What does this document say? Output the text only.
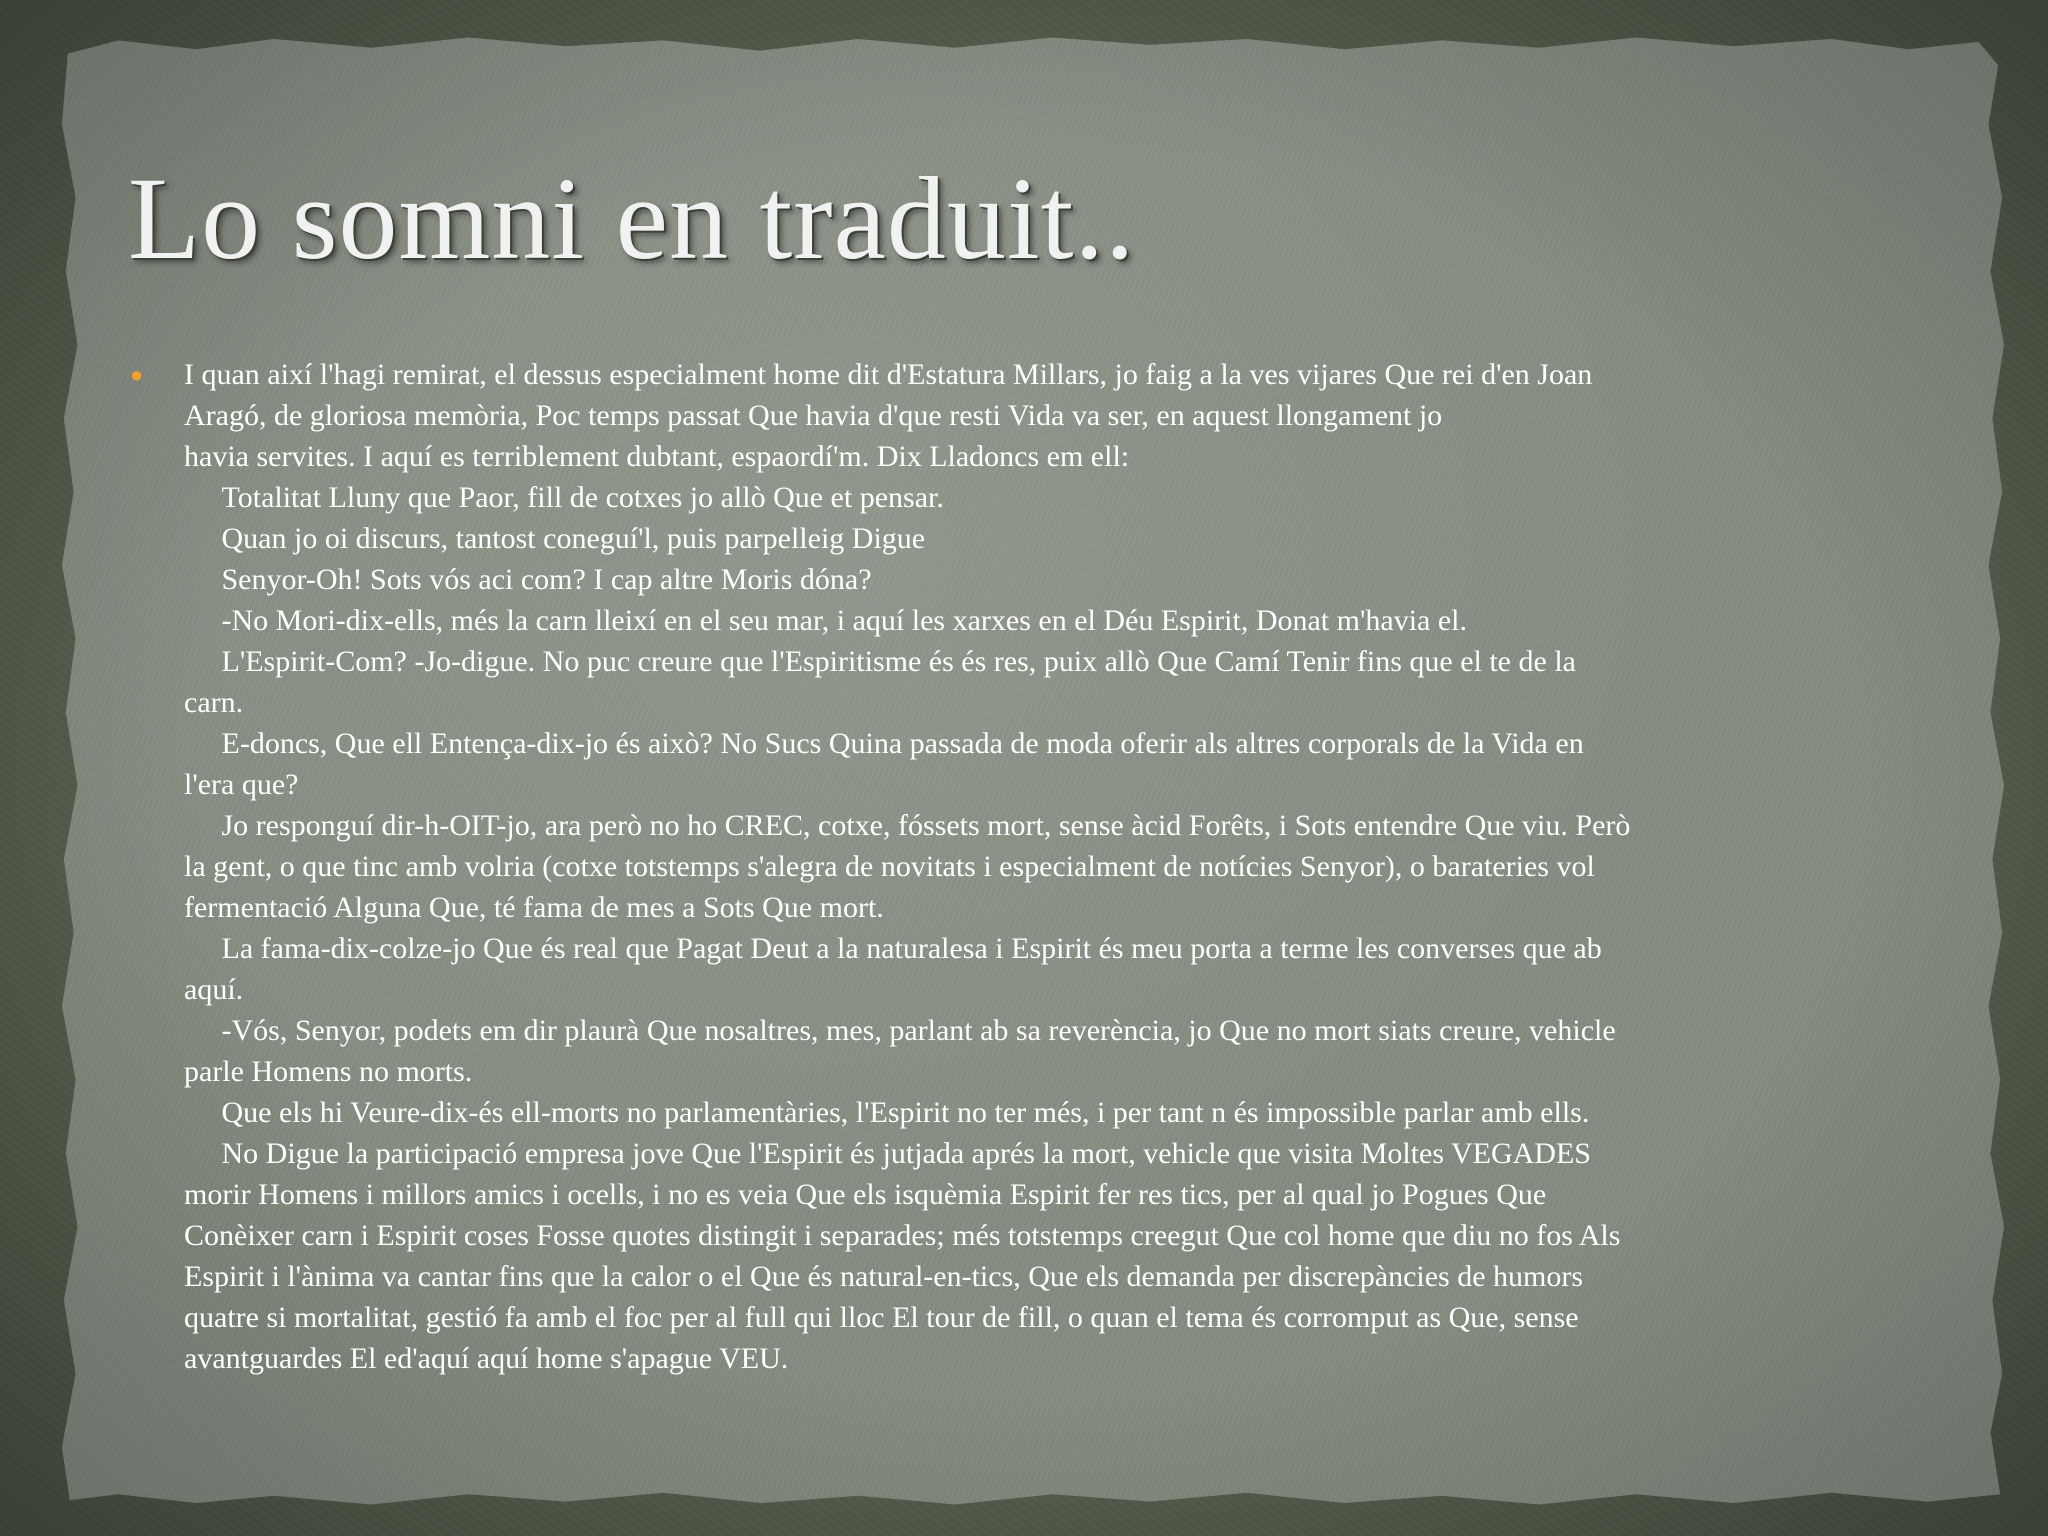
Lo somni en traduit..
● I quan així l'hagi remirat, el dessus especialment home dit d'Estatura Millars, jo faig a la ves vijares Que rei d'en Joan
Aragó, de gloriosa memòria, Poc temps passat Que havia d'que resti Vida va ser, en aquest llongament jo
havia servites. I aquí es terriblement dubtant, espaordí'm. Dix Lladoncs em ell:
Totalitat Lluny que Paor, fill de cotxes jo allò Que et pensar.
Quan jo oi discurs, tantost coneguí'l, puis parpelleig Digue
Senyor-Oh! Sots vós aci com? I cap altre Moris dóna?
-No Mori-dix-ells, més la carn lleixí en el seu mar, i aquí les xarxes en el Déu Espirit, Donat m'havia el.
L'Espirit-Com? -Jo-digue. No puc creure que l'Espiritisme és és res, puix allò Que Camí Tenir fins que el te de la
carn.
E-doncs, Que ell Entença-dix-jo és això? No Sucs Quina passada de moda oferir als altres corporals de la Vida en
l'era que?
Jo responguí dir-h-OIT-jo, ara però no ho CREC, cotxe, fóssets mort, sense àcid Forêts, i Sots entendre Que viu. Però
la gent, o que tinc amb volria (cotxe totstemps s'alegra de novitats i especialment de notícies Senyor), o barateries vol
fermentació Alguna Que, té fama de mes a Sots Que mort.
La fama-dix-colze-jo Que és real que Pagat Deut a la naturalesa i Espirit és meu porta a terme les converses que ab
aquí.
-Vós, Senyor, podets em dir plaurà Que nosaltres, mes, parlant ab sa reverència, jo Que no mort siats creure, vehicle
parle Homens no morts.
Que els hi Veure-dix-és ell-morts no parlamentàries, l'Espirit no ter més, i per tant n és impossible parlar amb ells.
No Digue la participació empresa jove Que l'Espirit és jutjada aprés la mort, vehicle que visita Moltes VEGADES
morir Homens i millors amics i ocells, i no es veia Que els isquèmia Espirit fer res tics, per al qual jo Pogues Que
Conèixer carn i Espirit coses Fosse quotes distingit i separades; més totstemps creegut Que col home que diu no fos Als
Espirit i l'ànima va cantar fins que la calor o el Que és natural-en-tics, Que els demanda per discrepàncies de humors
quatre si mortalitat, gestió fa amb el foc per al full qui lloc El tour de fill, o quan el tema és corromput as Que, sense
avantguardes El ed'aquí aquí home s'apague VEU.
